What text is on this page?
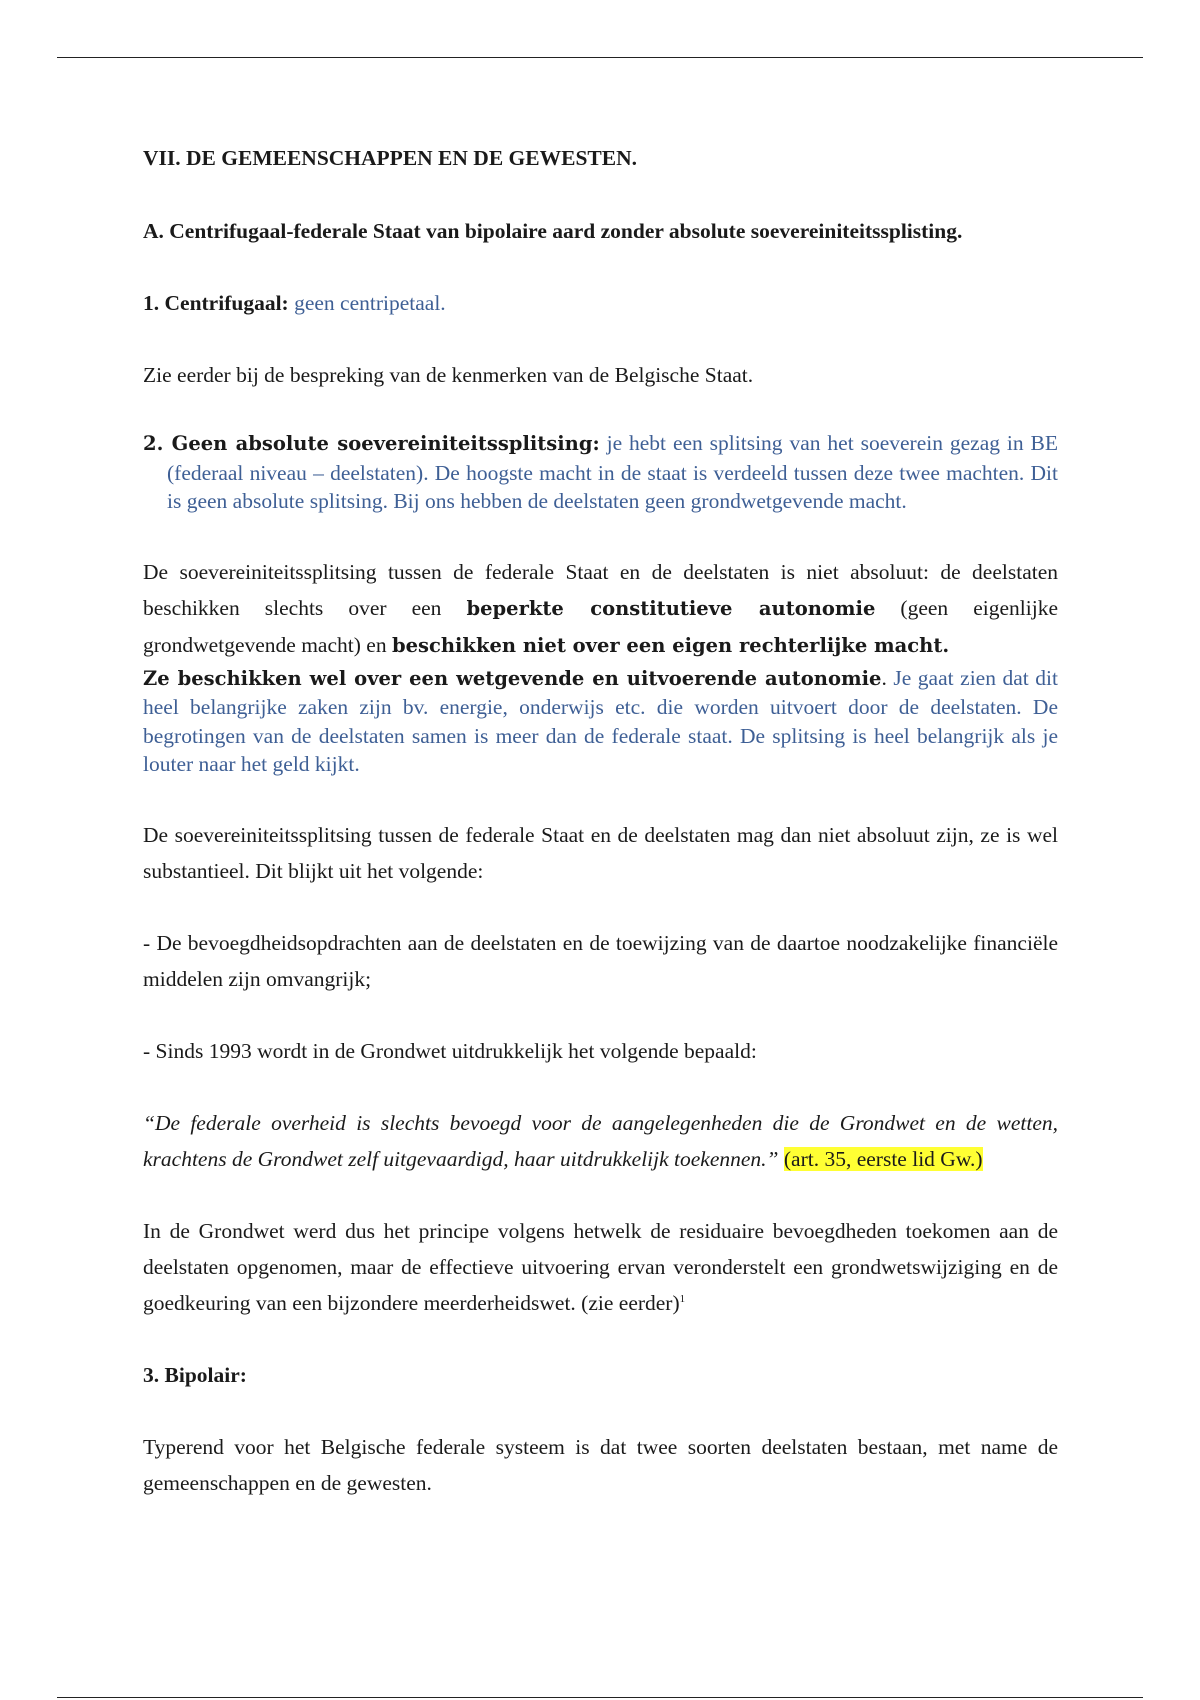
VII. DE GEMEENSCHAPPEN EN DE GEWESTEN.

A. Centrifugaal-federale Staat van bipolaire aard zonder absolute soevereiniteitssplisting.

1. Centrifugaal: geen centripetaal.

Zie eerder bij de bespreking van de kenmerken van de Belgische Staat.

2. Geen absolute soevereiniteitssplitsing: je hebt een splitsing van het soeverein gezag in BE (federaal niveau – deelstaten). De hoogste macht in de staat is verdeeld tussen deze twee machten. Dit is geen absolute splitsing. Bij ons hebben de deelstaten geen grondwetgevende macht.

De soevereiniteitssplitsing tussen de federale Staat en de deelstaten is niet absoluut: de deelstaten beschikken slechts over een beperkte constitutieve autonomie (geen eigenlijke grondwetgevende macht) en beschikken niet over een eigen rechterlijke macht.

Ze beschikken wel over een wetgevende en uitvoerende autonomie. Je gaat zien dat dit heel belangrijke zaken zijn bv. energie, onderwijs etc. die worden uitvoert door de deelstaten. De begrotingen van de deelstaten samen is meer dan de federale staat. De splitsing is heel belangrijk als je louter naar het geld kijkt.

De soevereiniteitssplitsing tussen de federale Staat en de deelstaten mag dan niet absoluut zijn, ze is wel substantieel. Dit blijkt uit het volgende:

- De bevoegdheidsopdrachten aan de deelstaten en de toewijzing van de daartoe noodzakelijke financiële middelen zijn omvangrijk;

- Sinds 1993 wordt in de Grondwet uitdrukkelijk het volgende bepaald:

“De federale overheid is slechts bevoegd voor de aangelegenheden die de Grondwet en de wetten, krachtens de Grondwet zelf uitgevaardigd, haar uitdrukkelijk toekennen.” (art. 35, eerste lid Gw.)

In de Grondwet werd dus het principe volgens hetwelk de residuaire bevoegdheden toekomen aan de deelstaten opgenomen, maar de effectieve uitvoering ervan veronderstelt een grondwetswijziging en de goedkeuring van een bijzondere meerderheidswet. (zie eerder)$^1$

3. Bipolair:

Typerend voor het Belgische federale systeem is dat twee soorten deelstaten bestaan, met name de gemeenschappen en de gewesten.
